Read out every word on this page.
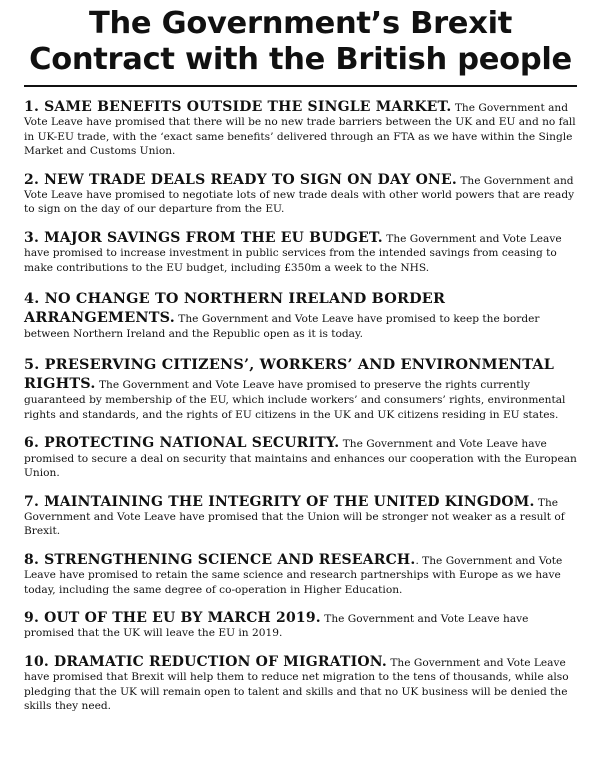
The Government’s Brexit
Contract with the British people

1. SAME BENEFITS OUTSIDE THE SINGLE MARKET. The Government and Vote Leave have promised that there will be no new trade barriers between the UK and EU and no fall in UK-EU trade, with the ‘exact same benefits’ delivered through an FTA as we have within the Single Market and Customs Union.

2. NEW TRADE DEALS READY TO SIGN ON DAY ONE. The Government and Vote Leave have promised to negotiate lots of new trade deals with other world powers that are ready to sign on the day of our departure from the EU.

3. MAJOR SAVINGS FROM THE EU BUDGET. The Government and Vote Leave have promised to increase investment in public services from the intended savings from ceasing to make contributions to the EU budget, including £350m a week to the NHS.

4. NO CHANGE TO NORTHERN IRELAND BORDER ARRANGEMENTS. The Government and Vote Leave have promised to keep the border between Northern Ireland and the Republic open as it is today.

5. PRESERVING CITIZENS’, WORKERS’ AND ENVIRONMENTAL RIGHTS. The Government and Vote Leave have promised to preserve the rights currently guaranteed by membership of the EU, which include workers’ and consumers’ rights, environmental rights and standards, and the rights of EU citizens in the UK and UK citizens residing in EU states.

6. PROTECTING NATIONAL SECURITY. The Government and Vote Leave have promised to secure a deal on security that maintains and enhances our cooperation with the European Union.

7. MAINTAINING THE INTEGRITY OF THE UNITED KINGDOM. The Government and Vote Leave have promised that the Union will be stronger not weaker as a result of Brexit.

8. STRENGTHENING SCIENCE AND RESEARCH.. The Government and Vote Leave have promised to retain the same science and research partnerships with Europe as we have today, including the same degree of co-operation in Higher Education.

9. OUT OF THE EU BY MARCH 2019. The Government and Vote Leave have promised that the UK will leave the EU in 2019.

10. DRAMATIC REDUCTION OF MIGRATION. The Government and Vote Leave have promised that Brexit will help them to reduce net migration to the tens of thousands, while also pledging that the UK will remain open to talent and skills and that no UK business will be denied the skills they need.
